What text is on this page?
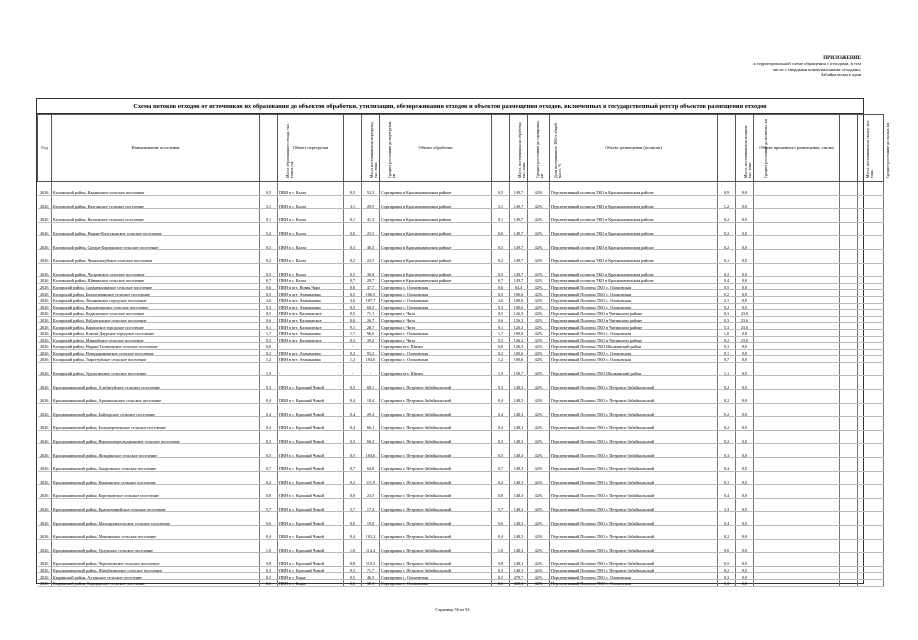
ПРИЛОЖЕНИЕ
к территориальной схеме обращения с отходами, в том
числе с твердыми коммунальными отходами,
Забайкальского края
Схема потоков отходов от источников их образования до объектов обработки, утилизации, обезвреживания отходов и объектов размещения отходов, включенных в государственный реестр объектов размещения отходов
Год	Наименование поселения	Масса образованного отхода, тыс. тонн в год	Объект перегрузки	Масса поступившая на перегрузку, тыс. тонн	Среднее расстояние до перегрузки, км	Объект обработки	Масса, поступившая на обработку, тыс. тонн	Среднее расстояние до сортировки, км	Доля поступившего ТКО в общей массе, %	Объект размещения (полигон)	Масса, поступившая на полигон, тыс. тонн	Среднее расстояние до полигона, км	Объект временного размещения, свалка	Масса, поступившая на свалку, тыс. тонн	Среднее расстояние до свалки, км
2026	Калганский район, Кадаинское сельское поселение	0,5	ПВН в с. Калга	0,5	52,3	Сортировка в Краснокаменском районе	0,5	149,7	42%	Перспективный полигон ТКО в Краснокаменском районе	0,9	0,0			
2026	Калганский район, Калганское сельское поселение	3,1	ПВН в с. Калга	3,1	29,5	Сортировка в Краснокаменском районе	3,1	149,7	42%	Перспективный полигон ТКО в Краснокаменском районе	1,2	0,0			
2026	Калганский район, Козловское сельское поселение	0,1	ПВН в с. Калга	0,1	41,3	Сортировка в Краснокаменском районе	0,1	149,7	42%	Перспективный полигон ТКО в Краснокаменском районе	0,2	0,0			
2026	Калганский район, Нижне-Калгуканское сельское поселение	5,4	ПВН в с. Калга	0,6	23,3	Сортировка в Краснокаменском районе	0,6	149,7	42%	Перспективный полигон ТКО в Краснокаменском районе	0,2	0,0			
2026	Калганский район, Средне-Борзинское сельское поселение	0,3	ПВН в с. Калга	0,3	46,3	Сортировка в Краснокаменском районе	0,3	149,7	42%	Перспективный полигон ТКО в Краснокаменском районе	0,2	0,0			
2026	Калганский район, Чингильтуйское сельское поселение	0,2	ПВН в с. Калга	0,2	22,5	Сортировка в Краснокаменском районе	0,2	149,7	42%	Перспективный полигон ТКО в Краснокаменском районе	0,1	0,0			
2026	Калганский район, Чупровское сельское поселение	0,5	ПВН в с. Калга	0,5	30,6	Сортировка в Краснокаменском районе	0,5	149,7	42%	Перспективный полигон ТКО в Краснокаменском районе	0,2	0,0			
2026	Калганский район, Шивинское сельское поселение	0,7	ПВН в с. Калга	0,7	29,7	Сортировка в Краснокаменском районе	0,7	149,7	42%	Перспективный полигон ТКО в Краснокаменском районе	0,4	0,0			
2026	Каларский район, Среднекаларское сельское поселение	0,6	ПВН в пгт. Новая Чара	0,6	47,7	Сортировка с. Олоновская	0,6	64,4	42%	Перспективный Полигон ТКО с. Олоновская	0,5	0,0			
2026	Каларский район, Балахтачинское сельское поселение	0,5	ПВН в пгт. Атамановка	0,5	106,5	Сортировка с. Олоновская	0,5	100,6	42%	Перспективный Полигон ТКО с. Олоновская	0,2	0,0			
2026	Каларский район, Леонковское городское поселение	3,6	ПВН в пгт. Атамановка	3,6	107,7	Сортировка с. Олоновская	3,6	100,6	42%	Перспективный Полигон ТКО с. Олоновская	2,1	0,0			
2026	Каларский район, Верхнечарское сельское поселение	0,3	ПВН в пгт. Атамановка	0,3	60,5	Сортировка с. Олоновская	0,3	100,6	42%	Перспективный Полигон ТКО с. Олоновская	0,2	0,0			
2026	Каларский район, Кадасинское сельское поселение	0,5	ПВН в пгт. Казановское	0,5	71,1	Сортировка г. Чита	0,5	126,3	42%	Перспективный Полигон ТКО в Читинском районе	0,3	23,6			
2026	Каларский район, Куйдиганское сельское поселение	0,6	ПВН в пгт. Казановское	0,6	26,7	Сортировка г. Чита	0,6	126,3	42%	Перспективный Полигон ТКО в Читинском районе	0,3	23,6			
2026	Каларский район, Карымское городское поселение	9,1	ПВН в пгт. Казановское	9,1	28,7	Сортировка г. Чита	9,1	126,3	42%	Перспективный Полигон ТКО в Читинском районе	5,3	23,6			
2026	Каларский район, Ключи-Даурское городское поселение	1,7	ПВН в пгт. Атамановка	1,7	96,6	Сортировка с. Олоновская	1,7	100,6	42%	Перспективный Полигон ТКО с. Олоновская	1,0	0,0			
2026	Каларский район, Маякийское сельское поселение	0,3	ПВН в пгт. Казановское	0,3	39,2	Сортировка г. Чита	0,3	126,3	42%	Перспективный Полигон ТКО в Читинском районе	0,2	23,6			
2026	Каларский район, Нарын-Талачинское сельское поселение	0,6	-	-	-	Сортировка пгт. Шилка	0,6	126,3	42%	Перспективный Полигон ТКО Шилкинский район	0,3	0,0			
2026	Каларский район, Новодоронинское сельское поселение	0,2	ПВН в пгт. Атамановка	0,2	93,2	Сортировка с. Олоновская	0,2	100,6	42%	Перспективный Полигон ТКО с. Олоновская	0,1	0,0			
2026	Каларский район, Тыргетуйское сельское поселение	1,2	ПВН в пгт. Атамановка	1,2	104,6	Сортировка с. Олоновская	1,2	100,6	42%	Перспективный Полигон ТКО с. Олоновская	0,7	0,0			
2026	Каларский район, Урульгинское сельское поселение	1,9	-	-	-	Сортировка пгт. Шилка	1,9	150,7	42%	Перспективный Полигон ТКО Шилкинский район	1,1	0,0			
2026	Краснокаменский район, Альбитуйское сельское поселение	0,3	ПВН в с. Красный Чикой	0,3	68,1	Сортировка г. Петровск-Забайкальский	0,3	148,3	42%	Перспективный Полигон ТКО г. Петровск-Забайкальский	0,2	0,0			
2026	Краснокаменский район, Архангельское сельское поселение	0,4	ПВН в с. Красный Чикой	0,4	18,4	Сортировка г. Петровск-Забайкальский	0,4	148,3	42%	Перспективный Полигон ТКО г. Петровск-Забайкальский	0,2	0,0			
2026	Краснокаменский район, Байхорское сельское поселение	0,4	ПВН в с. Красный Чикой	0,4	29,4	Сортировка г. Петровск-Забайкальский	0,4	148,3	42%	Перспективный Полигон ТКО г. Петровск-Забайкальский	0,2	0,0			
2026	Краснокаменский район, Большереченское сельское поселение	0,4	ПВН в с. Красный Чикой	0,4	66,1	Сортировка г. Петровск-Забайкальский	0,4	148,3	42%	Перспективный Полигон ТКО г. Петровск-Забайкальский	0,2	0,0			
2026	Краснокаменский район, Верхнешергольджинское сельское поселение	0,3	ПВН в с. Красный Чикой	0,3	66,2	Сортировка г. Петровск-Забайкальский	0,3	148,3	42%	Перспективный Полигон ТКО г. Петровск-Забайкальский	0,2	0,0			
2026	Краснокаменский район, Жиндинское сельское поселение	0,5	ПВН в с. Красный Чикой	0,5	103,6	Сортировка г. Петровск-Забайкальский	0,5	148,3	42%	Перспективный Полигон ТКО г. Петровск-Забайкальский	0,3	0,0			
2026	Краснокаменский район, Захаровское сельское поселение	0,7	ПВН в с. Красный Чикой	0,7	64,0	Сортировка г. Петровск-Забайкальский	0,7	148,3	42%	Перспективный Полигон ТКО г. Петровск-Забайкальский	0,4	0,0			
2026	Краснокаменский район, Конкинское сельское поселение	0,2	ПВН в с. Красный Чикой	0,2	111,9	Сортировка г. Петровск-Забайкальский	0,2	148,3	42%	Перспективный Полигон ТКО г. Петровск-Забайкальский	0,1	0,0			
2026	Краснокаменский район, Коротковское сельское поселение	0,8	ПВН в с. Красный Чикой	0,8	23,5	Сортировка г. Петровск-Забайкальский	0,8	148,3	42%	Перспективный Полигон ТКО г. Петровск-Забайкальский	0,4	0,0			
2026	Краснокаменский район, Красночикойское сельское поселение	5,7	ПВН в с. Красный Чикой	5,7	17,4	Сортировка г. Петровск-Забайкальский	5,7	148,3	42%	Перспективный Полигон ТКО г. Петровск-Забайкальский	3,3	0,0			
2026	Краснокаменский район, Малоархангельское сельское поселение	0,6	ПВН в с. Красный Чикой	0,6	19,0	Сортировка г. Петровск-Забайкальский	0,6	148,3	42%	Перспективный Полигон ТКО г. Петровск-Забайкальский	0,4	0,0			
2026	Краснокаменский район, Менгинское сельское поселение	0,4	ПВН в с. Красный Чикой	0,4	101,2	Сортировка г. Петровск-Забайкальский	0,4	148,3	42%	Перспективный Полигон ТКО г. Петровск-Забайкальский	0,2	0,0			
2026	Краснокаменский район, Урлукское сельское поселение	1,0	ПВН в с. Красный Чикой	1,0	114,4	Сортировка г. Петровск-Забайкальский	1,0	148,3	42%	Перспективный Полигон ТКО г. Петровск-Забайкальский	0,6	0,0			
2026	Краснокаменский район, Черемховское сельское поселение	0,8	ПВН в с. Красный Чикой	0,8	110,3	Сортировка г. Петровск-Забайкальский	0,8	148,3	42%	Перспективный Полигон ТКО г. Петровск-Забайкальский	0,5	0,0			
2026	Краснокаменский район, Шимбилинское сельское поселение	0,3	ПВН в с. Красный Чикой	0,3	71,7	Сортировка г. Петровск-Забайкальский	0,3	148,3	42%	Перспективный Полигон ТКО г. Петровск-Забайкальский	0,2	0,0			
2026	Кыринский район, Алтанское сельское поселение	0,5	ПВН в с. Кыра	0,5	46,5	Сортировка с. Олоновская	0,5	479,7	42%	Перспективный Полигон ТКО с. Олоновская	0,3	0,0			
2026	Кыринский район, Бырцинское сельское поселение	0,6	ПВН в с. Кыра	0,6	38,1	Сортировка с. Олоновская	0,6	468,3	42%	Перспективный Полигон ТКО с. Олоновская	0,3	0,0			
Страница 56 из 94
